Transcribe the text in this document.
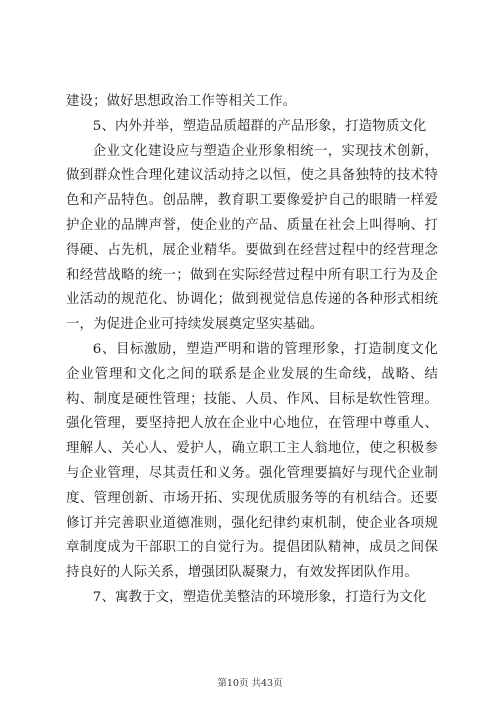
建设；做好思想政治工作等相关工作。

5、内外并举，塑造品质超群的产品形象，打造物质文化

企业文化建设应与塑造企业形象相统一，实现技术创新，做到群众性合理化建议活动持之以恒，使之具备独特的技术特色和产品特色。创品牌，教育职工要像爱护自己的眼睛一样爱护企业的品牌声誉，使企业的产品、质量在社会上叫得响、打得硬、占先机，展企业精华。要做到在经营过程中的经营理念和经营战略的统一；做到在实际经营过程中所有职工行为及企业活动的规范化、协调化；做到视觉信息传递的各种形式相统一，为促进企业可持续发展奠定坚实基础。

6、目标激励，塑造严明和谐的管理形象，打造制度文化企业管理和文化之间的联系是企业发展的生命线，战略、结构、制度是硬性管理；技能、人员、作风、目标是软性管理。强化管理，要坚持把人放在企业中心地位，在管理中尊重人、理解人、关心人、爱护人，确立职工主人翁地位，使之积极参与企业管理，尽其责任和义务。强化管理要搞好与现代企业制度、管理创新、市场开拓、实现优质服务等的有机结合。还要修订并完善职业道德准则，强化纪律约束机制，使企业各项规章制度成为干部职工的自觉行为。提倡团队精神，成员之间保持良好的人际关系，增强团队凝聚力，有效发挥团队作用。

7、寓教于文，塑造优美整洁的环境形象，打造行为文化

第10页 共43页
